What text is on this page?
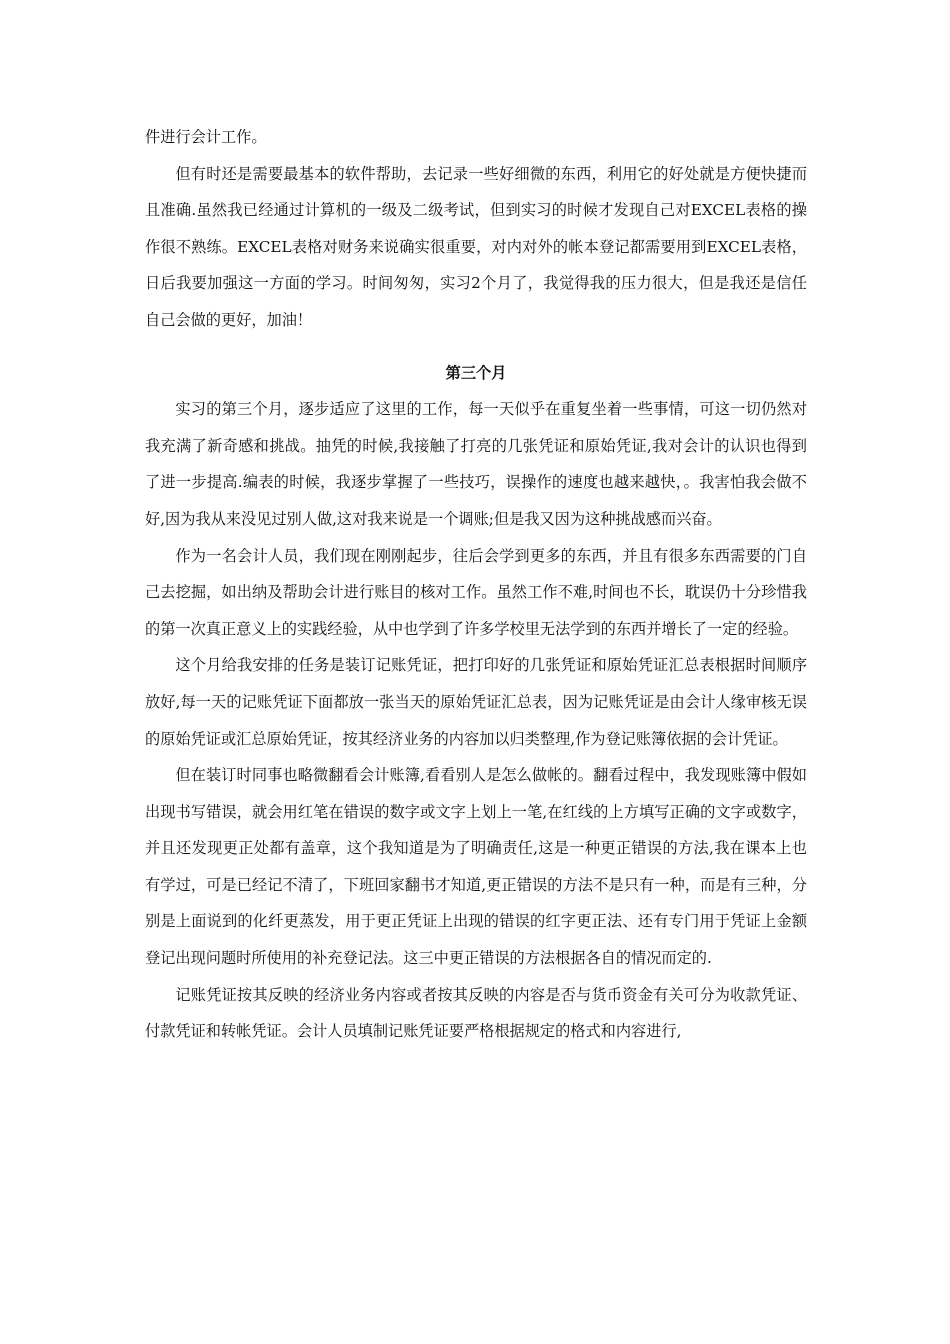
件进行会计工作。

但有时还是需要最基本的软件帮助，去记录一些好细微的东西，利用它的好处就是方便快捷而且准确.虽然我已经通过计算机的一级及二级考试，但到实习的时候才发现自己对EXCEL表格的操作很不熟练。EXCEL表格对财务来说确实很重要，对内对外的帐本登记都需要用到EXCEL表格，日后我要加强这一方面的学习。时间匆匆，实习2个月了，我觉得我的压力很大，但是我还是信任自己会做的更好，加油！

第三个月

实习的第三个月，逐步适应了这里的工作，每一天似乎在重复坐着一些事情，可这一切仍然对我充满了新奇感和挑战。抽凭的时候,我接触了打亮的几张凭证和原始凭证,我对会计的认识也得到了进一步提高.编表的时候，我逐步掌握了一些技巧，误操作的速度也越来越快，。我害怕我会做不好,因为我从来没见过别人做,这对我来说是一个调账;但是我又因为这种挑战感而兴奋。

作为一名会计人员，我们现在刚刚起步，往后会学到更多的东西，并且有很多东西需要的门自己去挖掘，如出纳及帮助会计进行账目的核对工作。虽然工作不难,时间也不长，耽误仍十分珍惜我的第一次真正意义上的实践经验，从中也学到了许多学校里无法学到的东西并增长了一定的经验。

这个月给我安排的任务是装订记账凭证，把打印好的几张凭证和原始凭证汇总表根据时间顺序放好,每一天的记账凭证下面都放一张当天的原始凭证汇总表，因为记账凭证是由会计人缘审核无误的原始凭证或汇总原始凭证，按其经济业务的内容加以归类整理,作为登记账簿依据的会计凭证。

但在装订时同事也略微翻看会计账簿,看看别人是怎么做帐的。翻看过程中，我发现账簿中假如出现书写错误，就会用红笔在错误的数字或文字上划上一笔,在红线的上方填写正确的文字或数字，并且还发现更正处都有盖章，这个我知道是为了明确责任,这是一种更正错误的方法,我在课本上也有学过，可是已经记不清了，下班回家翻书才知道,更正错误的方法不是只有一种，而是有三种，分别是上面说到的化纤更蒸发，用于更正凭证上出现的错误的红字更正法、还有专门用于凭证上金额登记出现问题时所使用的补充登记法。这三中更正错误的方法根据各自的情况而定的.

记账凭证按其反映的经济业务内容或者按其反映的内容是否与货币资金有关可分为收款凭证、付款凭证和转帐凭证。会计人员填制记账凭证要严格根据规定的格式和内容进行,
